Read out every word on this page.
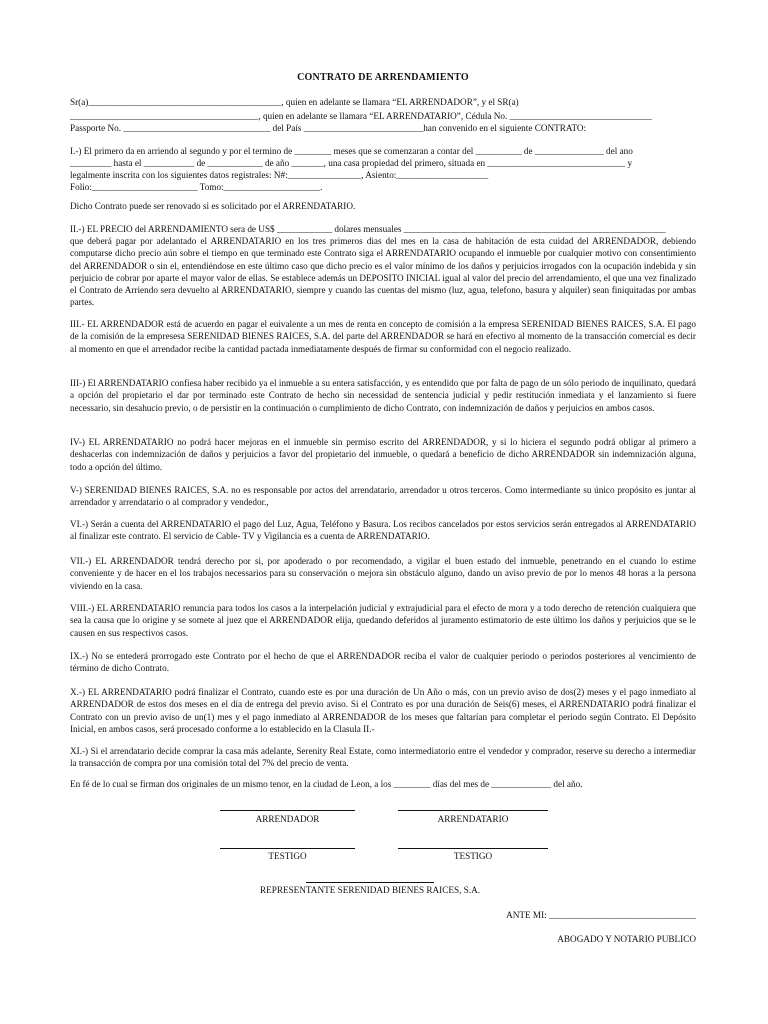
CONTRATO DE ARRENDAMIENTO
Sr(a)__________________________________________, quien en adelante se llamara “EL ARRENDADOR”, y el SR(a)
_________________________________________, quien en adelante se llamara “EL ARRENDATARIO”, Cédula No. _______________________________
Passporte No. ________________________________ del País __________________________han convenido en el siguiente CONTRATO:
I.-) El primero da en arriendo al segundo y por el termino de ________ meses que se comenzaran a contar del __________ de _______________ del ano
_________ hasta el ___________ de ____________ de año _______, una casa propiedad del primero, situada en ______________________________ y
legalmente inscrita con los siguientes datos registrales: N#:________________, Asiento:____________________
Folio:_______________________ Tomo:_____________________.
Dicho Contrato puede ser renovado si es solicitado por el ARRENDATARIO.
II.-) EL PRECIO del ARRENDAMIENTO sera de US$ ____________ dolares mensuales _________________________________________________________
que deberá pagar por adelantado el ARRENDATARIO en los tres primeros dias del mes en la casa de habitación de esta cuidad del ARRENDADOR, debiendo computarse dicho precio aún sobre el tiempo en que terminado este Contrato siga el ARRENDATARIO ocupando el inmueble por cualquier motivo con consentimiento del ARRENDADOR o sin el, entendiéndose en este último caso que dicho precio es el valor mínimo de los daños y perjuicios irrogados con la ocupación indebida y sin perjuicio de cobrar por aparte el mayor valor de ellas. Se establece además un DEPOSITO INICIAL igual al valor del precio del arrendamiento, el que una vez finalizado el Contrato de Arriendo sera devuelto al ARRENDATARIO, siempre y cuando las cuentas del mismo (luz, agua, telefono, basura y alquiler) sean finiquitadas por ambas partes.
III.- EL ARRENDADOR está de acuerdo en pagar el euivalente a un mes de renta en concepto de comisión a la empresa SERENIDAD BIENES RAICES, S.A. El pago de la comisión de la empresesa SERENIDAD BIENES RAICES, S.A. del parte del ARRENDADOR se hará en efectivo al momento de la transacción comercial es decir al momento en que el arrendador recibe la cantidad pactada inmediatamente después de firmar su conformidad con el negocio realizado.
III-) El ARRENDATARIO confiesa haber recibido ya el inmueble a su entera satisfacción, y es entendido que por falta de pago de un sólo periodo de inquilinato, quedará a opción del propietario el dar por terminado este Contrato de hecho sin necessidad de sentencia judicial y pedir restitución inmediata y el lanzamiento si fuere necessario, sin desahucio previo, o de persistir en la continuación o cumplimiento de dicho Contrato, con indemnización de daños y perjuicios en ambos casos.
IV-) EL ARRENDATARIO no podrá hacer mejoras en el inmueble sin permiso escrito del ARRENDADOR, y si lo hiciera el segundo podrá obligar al primero a deshacerlas con indemnización de daños y perjuicios a favor del propietario del inmueble, o quedará a beneficio de dicho ARRENDADOR sin indemnización alguna, todo a opción del último.
V-) SERENIDAD BIENES RAICES, S.A. no es responsable por actos del arrendatario, arrendador u otros terceros. Como intermediante su único propósito es juntar al arrendador y arrendatario o al comprador y vendedor.,
VI.-) Serán a cuenta del ARRENDATARIO el pago del Luz, Agua, Teléfono y Basura. Los recibos cancelados por estos servicios serán entregados al ARRENDATARIO al finalizar este contrato. El servicio de Cable- TV y Vigilancia es a cuenta de ARRENDATARIO.
VII.-) EL ARRENDADOR tendrá derecho por si, por apoderado o por recomendado, a vigilar el buen estado del inmueble, penetrando en el cuando lo estime conveniente y de hacer en el los trabajos necessarios para su conservación o mejora sin obstáculo alguno, dando un aviso previo de por lo menos 48 horas a la persona viviendo en la casa.
VIII.-) EL ARRENDATARIO renuncia para todos los casos a la interpelación judicial y extrajudicial para el efecto de mora y a todo derecho de retención cualquiera que sea la causa que lo origine y se somete al juez que el ARRENDADOR elija, quedando deferidos al juramento estimatorio de este último los daños y perjuicios que se le causen en sus respectivos casos.
IX.-) No se entederá prorrogado este Contrato por el hecho de que el ARRENDADOR reciba el valor de cualquier periodo o periodos posteriores al vencimiento de término de dicho Contrato.
X.-) EL ARRENDATARIO podrá finalizar el Contrato, cuando este es por una duración de Un Año o más, con un previo aviso de dos(2) meses y el pago inmediato al ARRENDADOR de estos dos meses en el día de entrega del previo aviso. Si el Contrato es por una duración de Seis(6) meses, el ARRENDATARIO podrá finalizar el Contrato con un previo aviso de un(1) mes y el pago inmediato al ARRENDADOR de los meses que faltarían para completar el periodo según Contrato. El Depósito Inicial, en ambos casos, será procesado conforme a lo establecido en la Clasula II.-
XI.-) Si el arrendatario decide comprar la casa más adelante, Serenity Real Estate, como intermediatorio entre el vendedor y comprador, reserve su derecho a intermediar la transacción de compra por una comisión total del 7% del precio de venta.
En fé de lo cual se firman dos originales de un mismo tenor, en la ciudad de Leon, a los ________ días del mes de _____________ del año.
ARRENDADOR	ARRENDATARIO
TESTIGO	TESTIGO
REPRESENTANTE SERENIDAD BIENES RAICES, S.A.
ANTE MI: ________________________________
ABOGADO Y NOTARIO PUBLICO
